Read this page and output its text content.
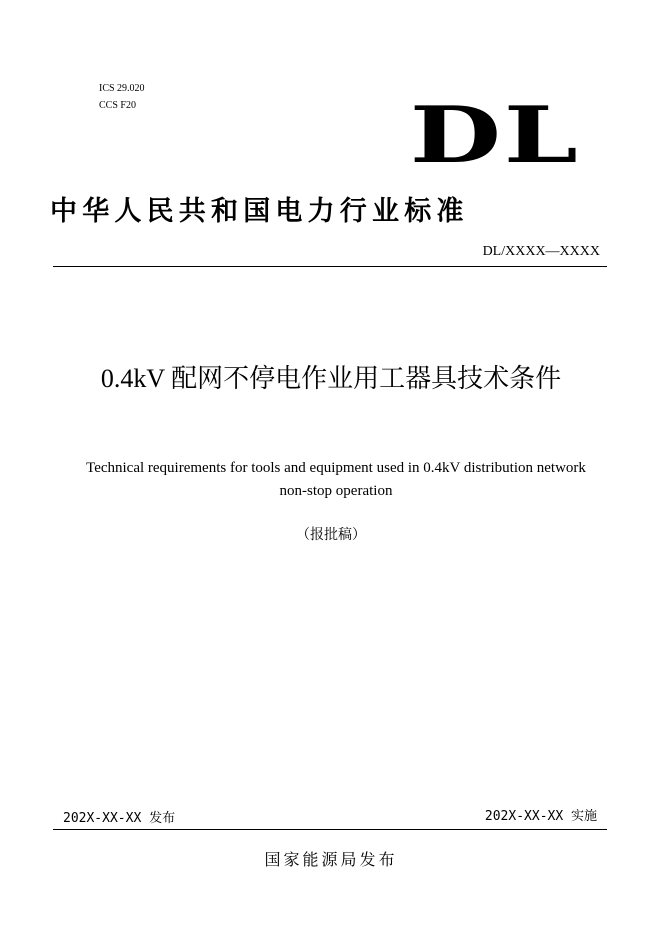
ICS 29.020
CCS F20	DL
中华人民共和国电力行业标准
DL/XXXX—XXXX
0.4kV 配网不停电作业用工器具技术条件
Technical requirements for tools and equipment used in 0.4kV distribution network
non-stop operation
（报批稿）
202X-XX-XX 发布	202X-XX-XX 实施
国家能源局发布
